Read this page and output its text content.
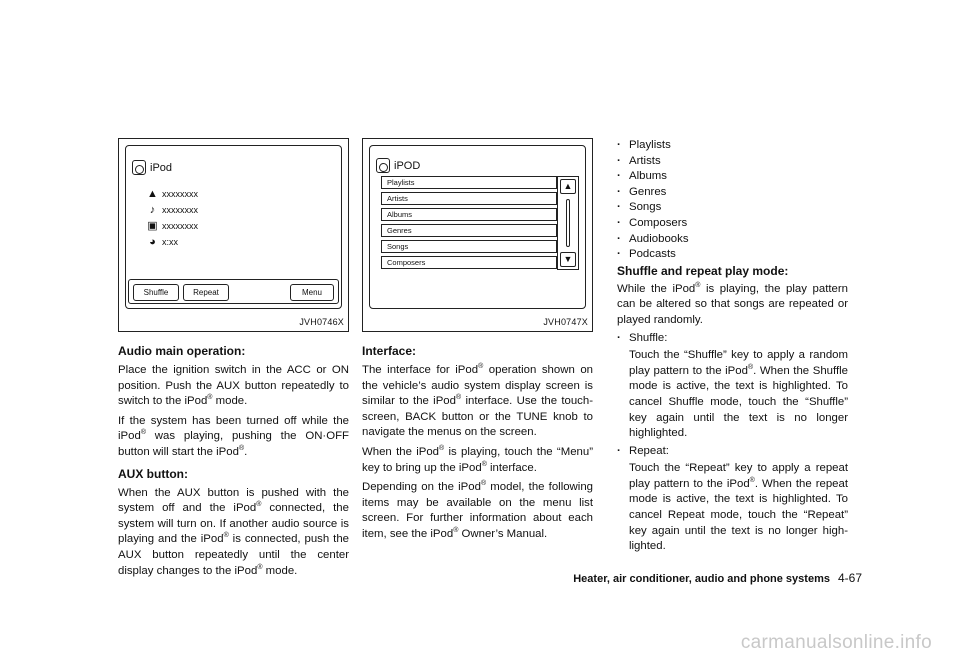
iPod
▲ xxxxxxxx
♪ xxxxxxxx
▣ xxxxxxxx
◕ x:xx
Shuffle	Repeat	Menu
JVH0746X
Audio main operation:

Place the ignition switch in the ACC or ON position. Push the AUX button repeatedly to switch to the iPod® mode.

If the system has been turned off while the iPod® was playing, pushing the ON·OFF button will start the iPod®.

AUX button:

When the AUX button is pushed with the system off and the iPod® connected, the system will turn on. If another audio source is playing and the iPod® is connected, push the AUX button repeatedly until the center display changes to the iPod® mode.

iPOD
Playlists
Artists
Albums
Genres
Songs
Composers
▲
▼
JVH0747X
Interface:

The interface for iPod® operation shown on the vehicle’s audio system display screen is similar to the iPod® interface. Use the touch-screen, BACK button or the TUNE knob to navigate the menus on the screen.

When the iPod® is playing, touch the “Menu” key to bring up the iPod® interface.

Depending on the iPod® model, the following items may be available on the menu list screen. For further information about each item, see the iPod® Owner’s Manual.

. Playlists
. Artists
. Albums
. Genres
. Songs
. Composers
. Audiobooks
. Podcasts
Shuffle and repeat play mode:

While the iPod® is playing, the play pattern can be altered so that songs are repeated or played randomly.

. Shuffle:
Touch the “Shuffle” key to apply a random play pattern to the iPod®. When the Shuffle mode is active, the text is highlighted. To cancel Shuffle mode, touch the “Shuffle” key again until the text is no longer highlighted.
. Repeat:
Touch the “Repeat” key to apply a repeat play pattern to the iPod®. When the repeat mode is active, the text is highlighted. To cancel Repeat mode, touch the “Repeat” key again until the text is no longer high-lighted.
Heater, air conditioner, audio and phone systems 4-67
carmanualsonline.info
